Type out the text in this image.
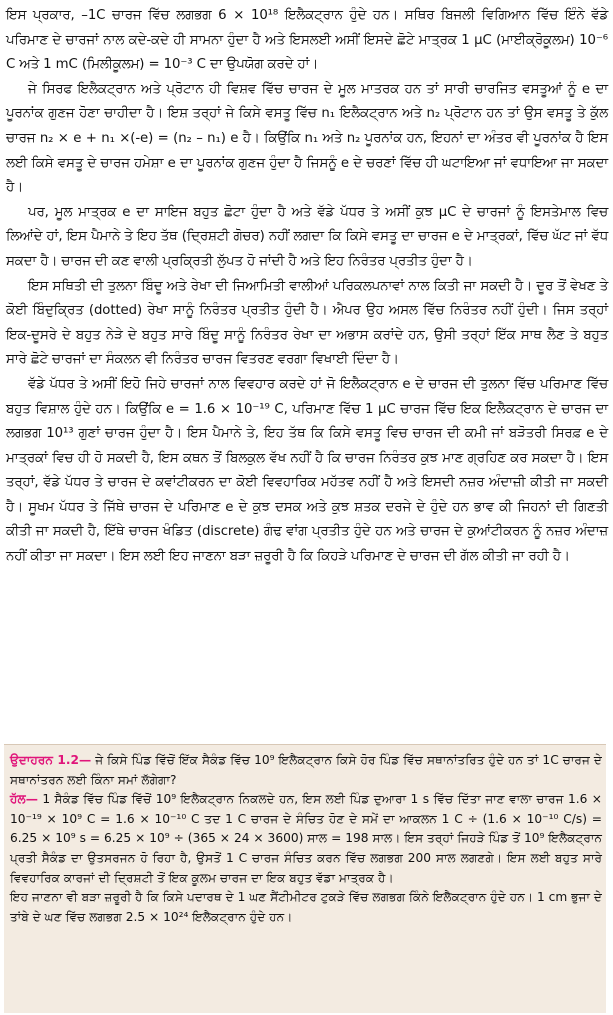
ਇਸ ਪ੍ਰਕਾਰ, –1C ਚਾਰਜ ਵਿੱਚ ਲਗਭਗ 6 × 10¹⁸ ਇਲੈਕਟ੍ਰਾਨ ਹੁੰਦੇ ਹਨ। ਸਥਿਰ ਬਿਜਲੀ ਵਿਗਿਆਨ ਵਿੱਚ ਇੰਨੇ ਵੱਡੇ ਪਰਿਮਾਣ ਦੇ ਚਾਰਜਾਂ ਨਾਲ ਕਦੇ-ਕਦੇ ਹੀ ਸਾਮਨਾ ਹੁੰਦਾ ਹੈ ਅਤੇ ਇਸਲਈ ਅਸੀਂ ਇਸਦੇ ਛੋਟੇ ਮਾਤ੍ਰਕ 1 μC (ਮਾਈਕ੍ਰੋਕੂਲਮ) 10⁻⁶ C ਅਤੇ 1 mC (ਮਿਲੀਕੂਲਮ) = 10⁻³ C ਦਾ ਉਪਯੋਗ ਕਰਦੇ ਹਾਂ।

ਜੇ ਸਿਰਫ ਇਲੈਕਟ੍ਰਾਨ ਅਤੇ ਪ੍ਰੋਟਾਨ ਹੀ ਵਿਸ਼ਵ ਵਿੱਚ ਚਾਰਜ ਦੇ ਮੂਲ ਮਾਤਰਕ ਹਨ ਤਾਂ ਸਾਰੀ ਚਾਰਜਿਤ ਵਸਤੂਆਂ ਨੂੰ e ਦਾ ਪੂਰਨਾਂਕ ਗੁਣਜ ਹੋਣਾ ਚਾਹੀਦਾ ਹੈ। ਇਸ਼ ਤਰ੍ਹਾਂ ਜੇ ਕਿਸੇ ਵਸਤੂ ਵਿੱਚ n₁ ਇਲੈਕਟ੍ਰਾਨ ਅਤੇ n₂ ਪ੍ਰੋਟਾਨ ਹਨ ਤਾਂ ਉਸ ਵਸਤੂ ਤੇ ਕੁੱਲ ਚਾਰਜ n₂ × e + n₁ ×(-e) = (n₂ – n₁) e ਹੈ। ਕਿਉਂਕਿ n₁ ਅਤੇ n₂ ਪੂਰਨਾਂਕ ਹਨ, ਇਹਨਾਂ ਦਾ ਅੰਤਰ ਵੀ ਪੂਰਨਾਂਕ ਹੈ ਇਸ ਲਈ ਕਿਸੇ ਵਸਤੂ ਦੇ ਚਾਰਜ ਹਮੇਸ਼ਾ e ਦਾ ਪੂਰਨਾਂਕ ਗੁਣਜ ਹੁੰਦਾ ਹੈ ਜਿਸਨੂੰ e ਦੇ ਚਰਣਾਂ ਵਿੱਚ ਹੀ ਘਟਾਇਆ ਜਾਂ ਵਧਾਇਆ ਜਾ ਸਕਦਾ ਹੈ।

ਪਰ, ਮੂਲ ਮਾਤ੍ਰਕ e ਦਾ ਸਾਇਜ ਬਹੁਤ ਛੋਟਾ ਹੁੰਦਾ ਹੈ ਅਤੇ ਵੱਡੇ ਪੱਧਰ ਤੇ ਅਸੀਂ ਕੁਝ μC ਦੇ ਚਾਰਜਾਂ ਨੂੰ ਇਸਤੇਮਾਲ ਵਿਚ ਲਿਆਂਦੇ ਹਾਂ, ਇਸ ਪੈਮਾਨੇ ਤੇ ਇਹ ਤੱਥ (ਦ੍ਰਿਸ਼ਟੀ ਗੋਚਰ) ਨਹੀਂ ਲਗਦਾ ਕਿ ਕਿਸੇ ਵਸਤੂ ਦਾ ਚਾਰਜ e ਦੇ ਮਾਤ੍ਰਕਾਂ, ਵਿੱਚ ਘੱਟ ਜਾਂ ਵੱਧ ਸਕਦਾ ਹੈ। ਚਾਰਜ ਦੀ ਕਣ ਵਾਲੀ ਪ੍ਰਕ੍ਰਿਤੀ ਲੁੱਪਤ ਹੋ ਜਾਂਦੀ ਹੈ ਅਤੇ ਇਹ ਨਿਰੰਤਰ ਪ੍ਰਤੀਤ ਹੁੰਦਾ ਹੈ।

ਇਸ ਸਥਿਤੀ ਦੀ ਤੁਲਨਾ ਬਿੰਦੂ ਅਤੇ ਰੇਖਾ ਦੀ ਜਿਆਮਿਤੀ ਵਾਲੀਆਂ ਪਰਿਕਲਪਨਾਵਾਂ ਨਾਲ ਕਿਤੀ ਜਾ ਸਕਦੀ ਹੈ। ਦੂਰ ਤੋਂ ਵੇਖਣ ਤੇ ਕੋਈ ਬਿੰਦੁਕ੍ਰਿਤ (dotted) ਰੇਖਾ ਸਾਨੂੰ ਨਿਰੰਤਰ ਪ੍ਰਤੀਤ ਹੁੰਦੀ ਹੈ। ਐਪਰ ਉਹ ਅਸਲ ਵਿੱਚ ਨਿਰੰਤਰ ਨਹੀਂ ਹੁੰਦੀ। ਜਿਸ ਤਰ੍ਹਾਂ ਇਕ-ਦੂਸਰੇ ਦੇ ਬਹੁਤ ਨੇੜੇ ਦੇ ਬਹੁਤ ਸਾਰੇ ਬਿੰਦੂ ਸਾਨੂੰ ਨਿਰੰਤਰ ਰੇਖਾ ਦਾ ਅਭਾਸ ਕਰਾਂਦੇ ਹਨ, ਉਸੀ ਤਰ੍ਹਾਂ ਇੱਕ ਸਾਥ ਲੈਣ ਤੇ ਬਹੁਤ ਸਾਰੇ ਛੋਟੇ ਚਾਰਜਾਂ ਦਾ ਸੰਕਲਨ ਵੀ ਨਿਰੰਤਰ ਚਾਰਜ ਵਿਤਰਣ ਵਰਗਾ ਵਿਖਾਈ ਦਿੰਦਾ ਹੈ।

ਵੱਡੇ ਪੱਧਰ ਤੇ ਅਸੀਂ ਇਹੋ ਜਿਹੇ ਚਾਰਜਾਂ ਨਾਲ ਵਿਵਹਾਰ ਕਰਦੇ ਹਾਂ ਜੋ ਇਲੈਕਟ੍ਰਾਨ e ਦੇ ਚਾਰਜ ਦੀ ਤੁਲਨਾ ਵਿੱਚ ਪਰਿਮਾਣ ਵਿੱਚ ਬਹੁਤ ਵਿਸ਼ਾਲ ਹੁੰਦੇ ਹਨ। ਕਿਉਂਕਿ e = 1.6 × 10⁻¹⁹ C, ਪਰਿਮਾਣ ਵਿੱਚ 1 μC ਚਾਰਜ ਵਿੱਚ ਇਕ ਇਲੈਕਟ੍ਰਾਨ ਦੇ ਚਾਰਜ ਦਾ ਲਗਭਗ 10¹³ ਗੁਣਾਂ ਚਾਰਜ ਹੁੰਦਾ ਹੈ। ਇਸ ਪੈਮਾਨੇ ਤੇ, ਇਹ ਤੱਥ ਕਿ ਕਿਸੇ ਵਸਤੂ ਵਿਚ ਚਾਰਜ ਦੀ ਕਮੀ ਜਾਂ ਬੜੋਤਰੀ ਸਿਰਫ਼ e ਦੇ ਮਾਤ੍ਰਕਾਂ ਵਿਚ ਹੀ ਹੋ ਸਕਦੀ ਹੈ, ਇਸ ਕਥਨ ਤੋਂ ਬਿਲਕੁਲ ਵੱਖ ਨਹੀਂ ਹੈ ਕਿ ਚਾਰਜ ਨਿਰੰਤਰ ਕੁਝ ਮਾਣ ਗ੍ਰਹਿਣ ਕਰ ਸਕਦਾ ਹੈ। ਇਸ ਤਰ੍ਹਾਂ, ਵੱਡੇ ਪੱਧਰ ਤੇ ਚਾਰਜ ਦੇ ਕਵਾਂਟੀਕਰਨ ਦਾ ਕੋਈ ਵਿਵਹਾਰਿਕ ਮਹੱਤਵ ਨਹੀਂ ਹੈ ਅਤੇ ਇਸਦੀ ਨਜ਼ਰ ਅੰਦਾਜ਼ੀ ਕੀਤੀ ਜਾ ਸਕਦੀ ਹੈ। ਸੂਖਮ ਪੱਧਰ ਤੇ ਜਿੱਥੇ ਚਾਰਜ ਦੇ ਪਰਿਮਾਣ e ਦੇ ਕੁਝ ਦਸਕ ਅਤੇ ਕੁਝ ਸ਼ਤਕ ਦਰਜੇ ਦੇ ਹੁੰਦੇ ਹਨ ਭਾਵ ਕੀ ਜਿਹਨਾਂ ਦੀ ਗਿਣਤੀ ਕੀਤੀ ਜਾ ਸਕਦੀ ਹੈ, ਇੱਥੇ ਚਾਰਜ ਖੰਡਿਤ (discrete) ਗੰਢ ਵਾਂਗ ਪ੍ਰਤੀਤ ਹੁੰਦੇ ਹਨ ਅਤੇ ਚਾਰਜ ਦੇ ਕੁਆਂਟੀਕਰਨ ਨੂੰ ਨਜ਼ਰ ਅੰਦਾਜ਼ ਨਹੀਂ ਕੀਤਾ ਜਾ ਸਕਦਾ। ਇਸ ਲਈ ਇਹ ਜਾਣਨਾ ਬੜਾ ਜ਼ਰੂਰੀ ਹੈ ਕਿ ਕਿਹੜੇ ਪਰਿਮਾਣ ਦੇ ਚਾਰਜ ਦੀ ਗੱਲ ਕੀਤੀ ਜਾ ਰਹੀ ਹੈ।

ਉਦਾਹਰਨ 1.2— ਜੇ ਕਿਸੇ ਪਿੰਡ ਵਿੱਚੋਂ ਇੱਕ ਸੈਕੰਡ ਵਿੱਚ 10⁹ ਇਲੈਕਟ੍ਰਾਨ ਕਿਸੇ ਹੋਰ ਪਿੰਡ ਵਿੱਚ ਸਥਾਨਾਂਤਰਿਤ ਹੁੰਦੇ ਹਨ ਤਾਂ 1C ਚਾਰਜ ਦੇ ਸਥਾਨਾਂਤਰਨ ਲਈ ਕਿੰਨਾ ਸਮਾਂ ਲੱਗੇਗਾ?

ਹੱਲ— 1 ਸੈਕੰਡ ਵਿੱਚ ਪਿੰਡ ਵਿੱਚੋਂ 10⁹ ਇਲੈਕਟ੍ਰਾਨ ਨਿਕਲਦੇ ਹਨ, ਇਸ ਲਈ ਪਿੰਡ ਦੁਆਰਾ 1 s ਵਿੱਚ ਦਿੱਤਾ ਜਾਣ ਵਾਲਾ ਚਾਰਜ 1.6 × 10⁻¹⁹ × 10⁹ C = 1.6 × 10⁻¹⁰ C ਤਦ 1 C ਚਾਰਜ ਦੇ ਸੰਚਿਤ ਹੋਣ ਦੇ ਸਮੇਂ ਦਾ ਆਕਲਨ 1 C ÷ (1.6 × 10⁻¹⁰ C/s) = 6.25 × 10⁹ s = 6.25 × 10⁹ ÷ (365 × 24 × 3600) ਸਾਲ = 198 ਸਾਲ। ਇਸ ਤਰ੍ਹਾਂ ਜਿਹੜੇ ਪਿੰਡ ਤੋਂ 10⁹ ਇਲੈਕਟ੍ਰਾਨ ਪ੍ਰਤੀ ਸੈਕੰਡ ਦਾ ਉਤਸਰਜਨ ਹੋ ਰਿਹਾ ਹੈ, ਉਸਤੋਂ 1 C ਚਾਰਜ ਸੰਚਿਤ ਕਰਨ ਵਿੱਚ ਲਗਭਗ 200 ਸਾਲ ਲਗਣਗੇ। ਇਸ ਲਈ ਬਹੁਤ ਸਾਰੇ ਵਿਵਹਾਰਿਕ ਕਾਰਜਾਂ ਦੀ ਦ੍ਰਿਸ਼ਟੀ ਤੋਂ ਇਕ ਕੂਲਮ ਚਾਰਜ ਦਾ ਇਕ ਬਹੁਤ ਵੱਡਾ ਮਾਤ੍ਰਕ ਹੈ।

ਇਹ ਜਾਣਨਾ ਵੀ ਬੜਾ ਜ਼ਰੂਰੀ ਹੈ ਕਿ ਕਿਸੇ ਪਦਾਰਥ ਦੇ 1 ਘਣ ਸੈਂਟੀਮੀਟਰ ਟੁਕੜੇ ਵਿੱਚ ਲਗਭਗ ਕਿੰਨੇ ਇਲੈਕਟ੍ਰਾਨ ਹੁੰਦੇ ਹਨ। 1 cm ਭੁਜਾ ਦੇ ਤਾਂਬੇ ਦੇ ਘਣ ਵਿੱਚ ਲਗਭਗ 2.5 × 10²⁴ ਇਲੈਕਟ੍ਰਾਨ ਹੁੰਦੇ ਹਨ।
